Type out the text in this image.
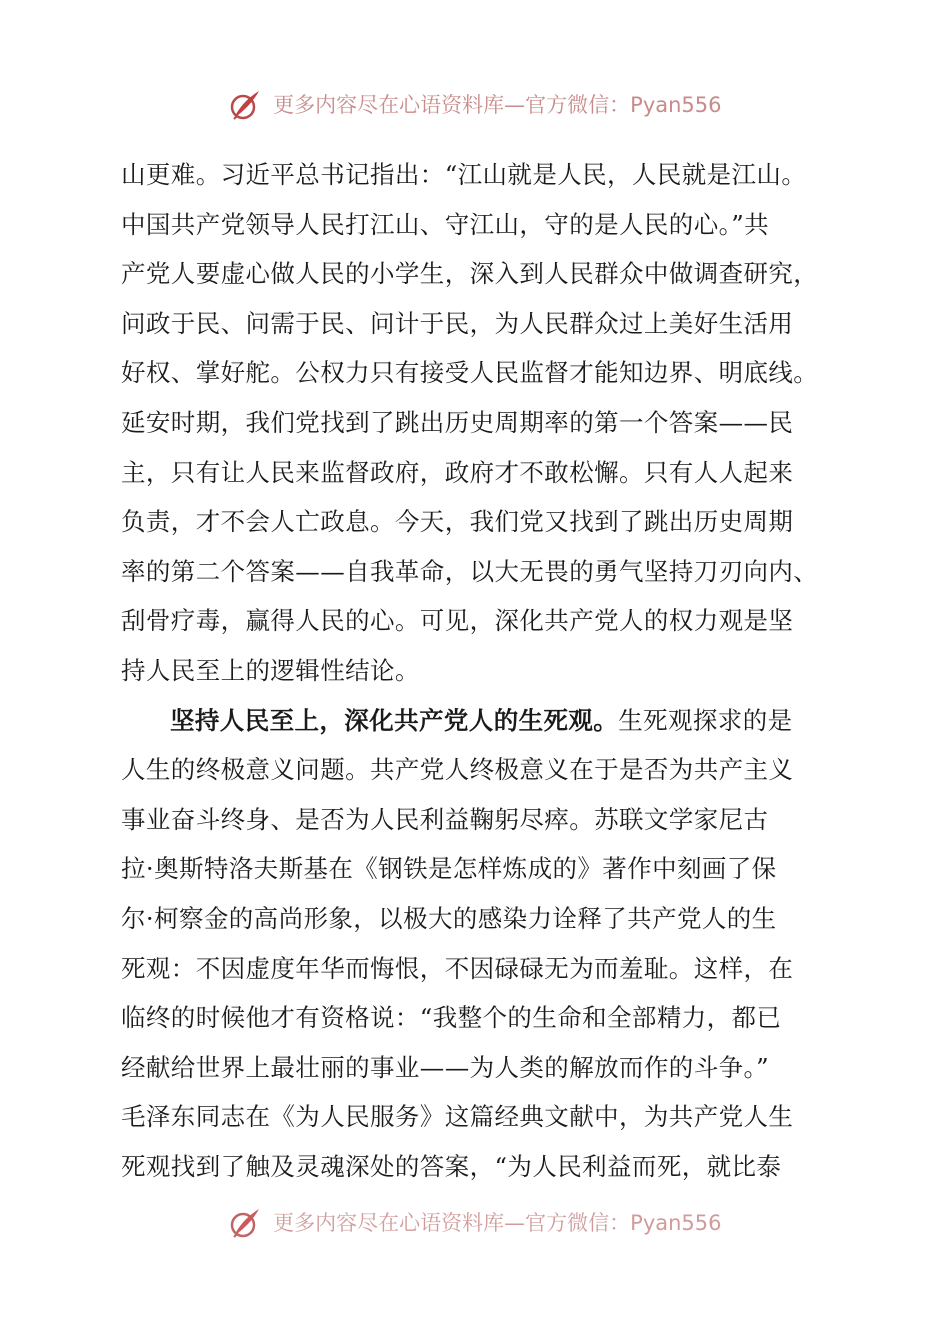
更多内容尽在心语资料库—官方微信：Pyan556
山更难。习近平总书记指出：“江山就是人民，人民就是江山。
中国共产党领导人民打江山、守江山，守的是人民的心。”共
产党人要虚心做人民的小学生，深入到人民群众中做调查研究，
问政于民、问需于民、问计于民，为人民群众过上美好生活用
好权、掌好舵。公权力只有接受人民监督才能知边界、明底线。
延安时期，我们党找到了跳出历史周期率的第一个答案——民
主，只有让人民来监督政府，政府才不敢松懈。只有人人起来
负责，才不会人亡政息。今天，我们党又找到了跳出历史周期
率的第二个答案——自我革命，以大无畏的勇气坚持刀刃向内、
刮骨疗毒，赢得人民的心。可见，深化共产党人的权力观是坚
持人民至上的逻辑性结论。
坚持人民至上，深化共产党人的生死观。生死观探求的是
人生的终极意义问题。共产党人终极意义在于是否为共产主义
事业奋斗终身、是否为人民利益鞠躬尽瘁。苏联文学家尼古
拉·奥斯特洛夫斯基在《钢铁是怎样炼成的》著作中刻画了保
尔·柯察金的高尚形象，以极大的感染力诠释了共产党人的生
死观：不因虚度年华而悔恨，不因碌碌无为而羞耻。这样，在
临终的时候他才有资格说：“我整个的生命和全部精力，都已
经献给世界上最壮丽的事业——为人类的解放而作的斗争。”
毛泽东同志在《为人民服务》这篇经典文献中，为共产党人生
死观找到了触及灵魂深处的答案，“为人民利益而死，就比泰
更多内容尽在心语资料库—官方微信：Pyan556
